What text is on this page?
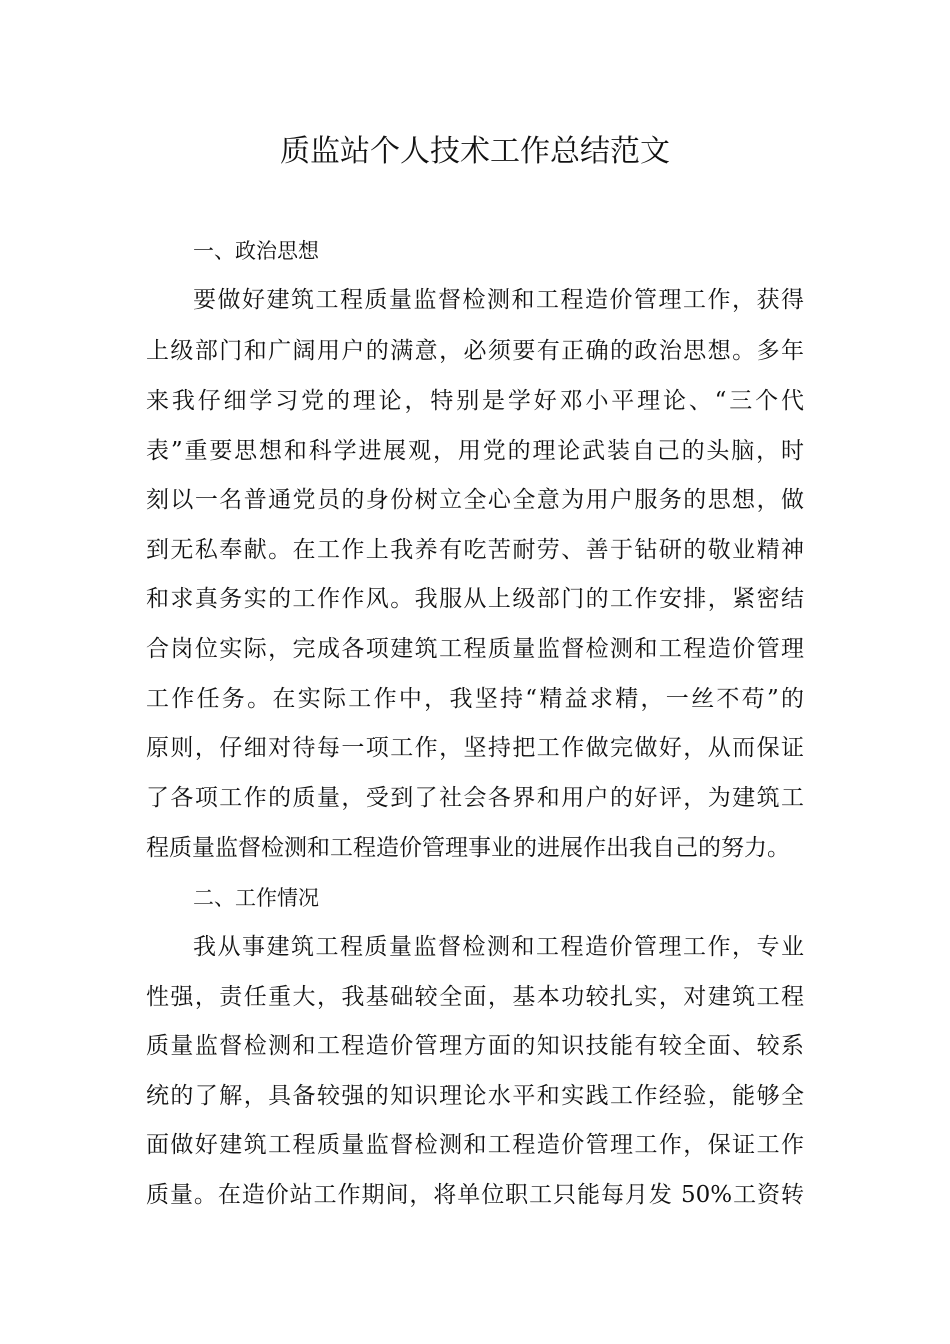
质监站个人技术工作总结范文
一、政治思想

要做好建筑工程质量监督检测和工程造价管理工作，获得

上级部门和广阔用户的满意，必须要有正确的政治思想。多年

来我仔细学习党的理论，特别是学好邓小平理论、“三个代

表”重要思想和科学进展观，用党的理论武装自己的头脑，时

刻以一名普通党员的身份树立全心全意为用户服务的思想，做

到无私奉献。在工作上我养有吃苦耐劳、善于钻研的敬业精神

和求真务实的工作作风。我服从上级部门的工作安排，紧密结

合岗位实际，完成各项建筑工程质量监督检测和工程造价管理

工作任务。在实际工作中，我坚持“精益求精，一丝不苟”的

原则，仔细对待每一项工作，坚持把工作做完做好，从而保证

了各项工作的质量，受到了社会各界和用户的好评，为建筑工

程质量监督检测和工程造价管理事业的进展作出我自己的努力。

二、工作情况

我从事建筑工程质量监督检测和工程造价管理工作，专业

性强，责任重大，我基础较全面，基本功较扎实，对建筑工程

质量监督检测和工程造价管理方面的知识技能有较全面、较系

统的了解，具备较强的知识理论水平和实践工作经验，能够全

面做好建筑工程质量监督检测和工程造价管理工作，保证工作

质量。在造价站工作期间，将单位职工只能每月发 50%工资转
